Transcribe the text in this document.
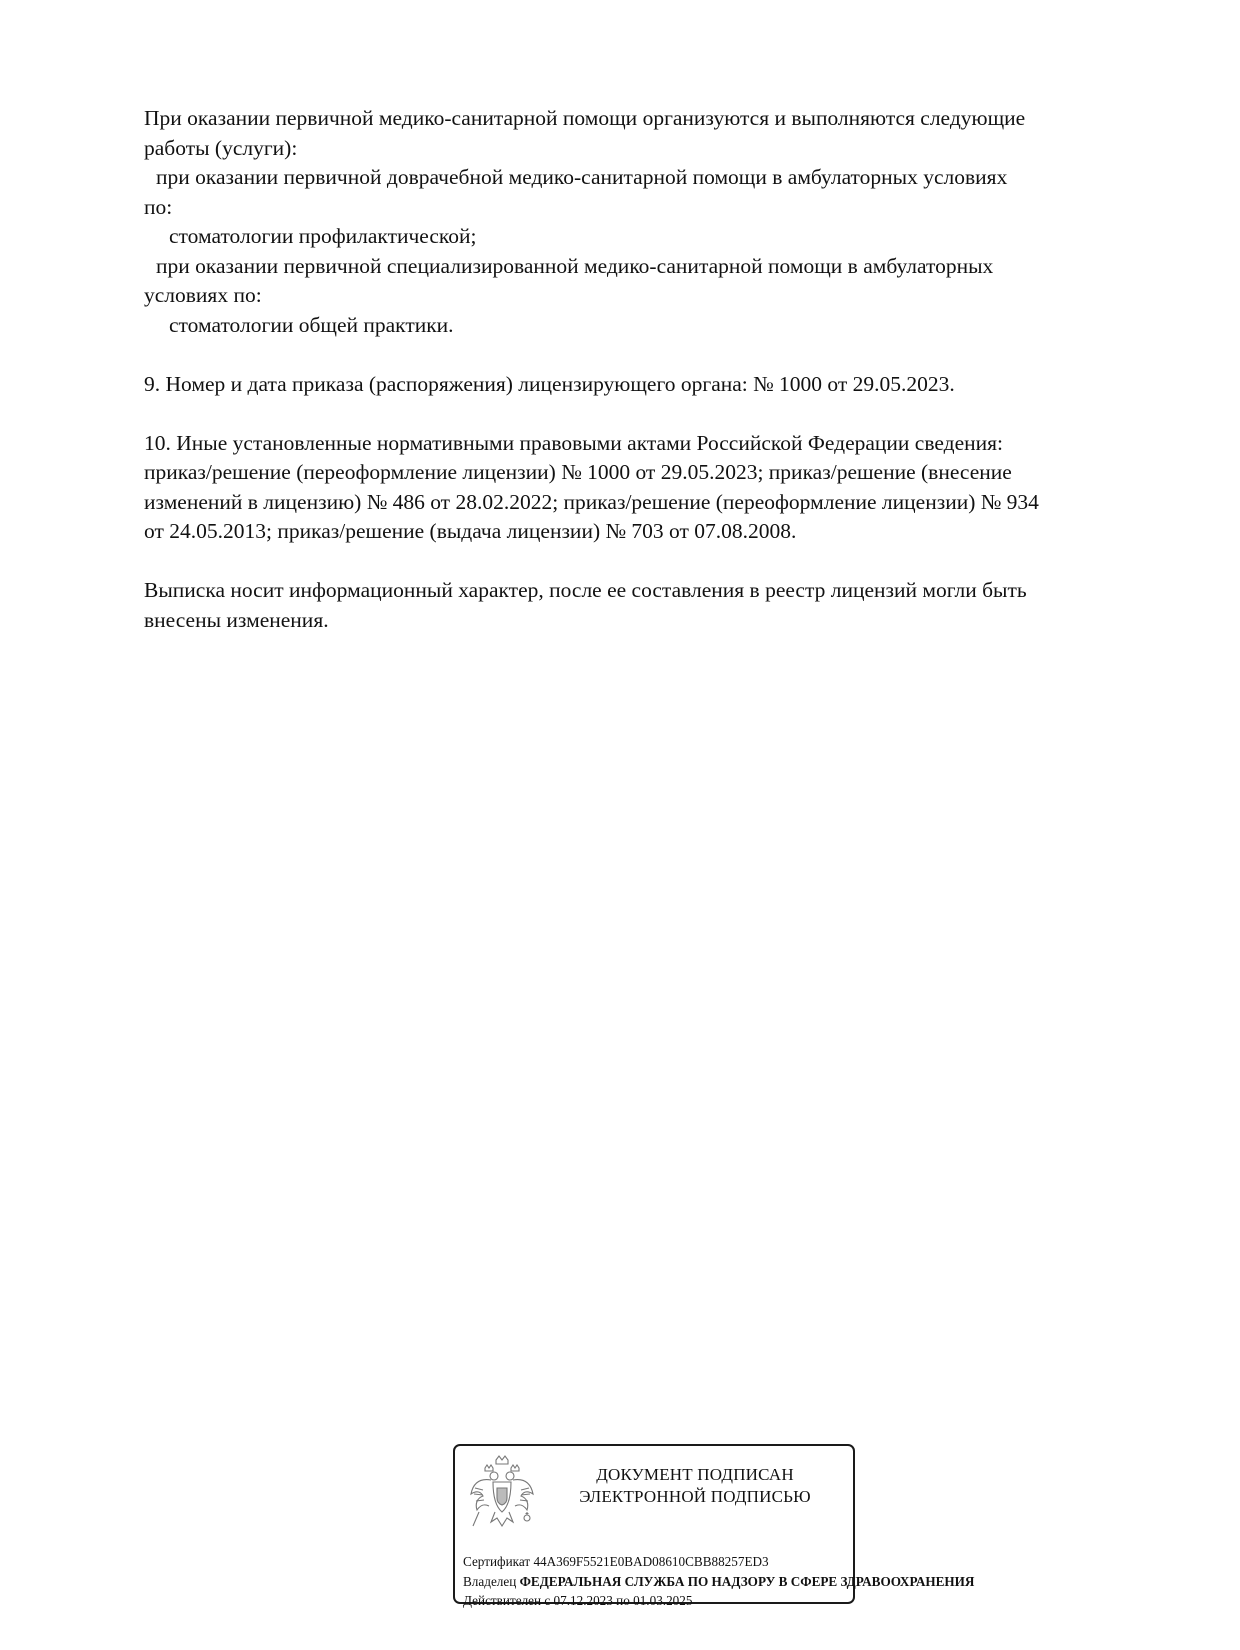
При оказании первичной медико-санитарной помощи организуются и выполняются следующие
работы (услуги):
при оказании первичной доврачебной медико-санитарной помощи в амбулаторных условиях
по:
стоматологии профилактической;
при оказании первичной специализированной медико-санитарной помощи в амбулаторных
условиях по:
стоматологии общей практики.
9. Номер и дата приказа (распоряжения) лицензирующего органа: № 1000 от 29.05.2023.
10. Иные установленные нормативными правовыми актами Российской Федерации сведения:
приказ/решение (переоформление лицензии) № 1000 от 29.05.2023; приказ/решение (внесение
изменений в лицензию) № 486 от 28.02.2022; приказ/решение (переоформление лицензии) № 934
от 24.05.2013; приказ/решение (выдача лицензии) № 703 от 07.08.2008.
Выписка носит информационный характер, после ее составления в реестр лицензий могли быть
внесены изменения.
ДОКУМЕНТ ПОДПИСАН
ЭЛЕКТРОННОЙ ПОДПИСЬЮ
Сертификат 44A369F5521E0BAD08610CBB88257ED3
Владелец ФЕДЕРАЛЬНАЯ СЛУЖБА ПО НАДЗОРУ В СФЕРЕ ЗДРАВООХРАНЕНИЯ
Действителен с 07.12.2023 по 01.03.2025
